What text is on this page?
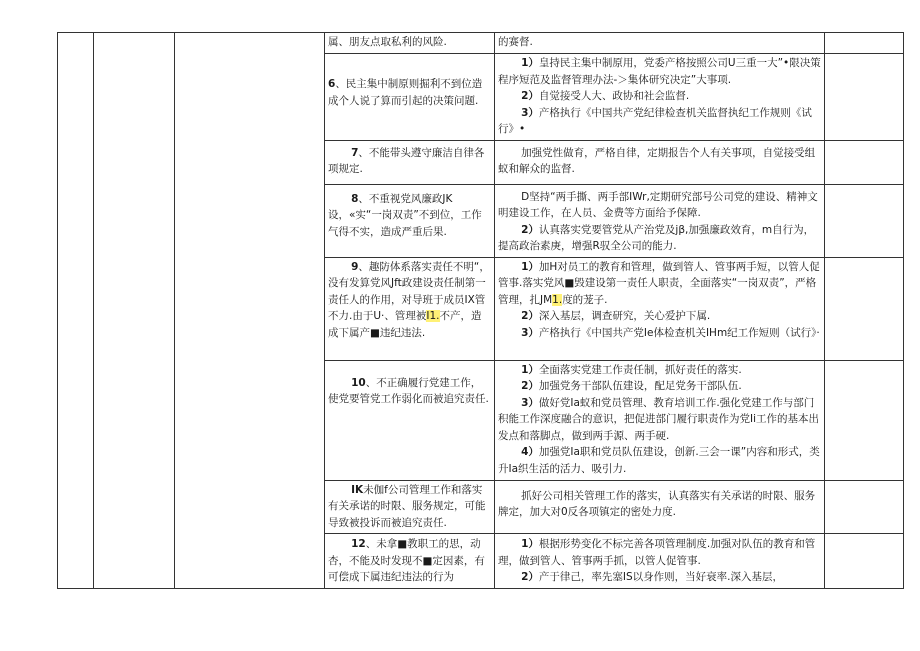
			属、朋友点取私利的风险.	的赛督.	

			6、民主集中制原则掘利不到位造成个人说了算而引起的决策问题.	1）皇持民主集中制原用，党委产格按照公司U三重一大”•限决策程序短范及监督管理办法-＞集体研究决定”大事项.

2）自觉接受人大、政协和社会监督.

3）产格执行《中国共产党纪律检查机关监督执纪工作规则《试行》•	

			7、不能带头遵守廉洁自律各项规定.	加强党性做育，严格自律，定期报告个人有关事项，自觉接受组蚁和解众的监督.	

			8、不重视党风廉政JK设，«实“一岗双责”不到位，工作气得不实，造成严重后果.	D坚持“两手撕、两手部IWr,定期研究部号公司党的建设、精神文明建设工作，在人员、金费等方面给予保障.

2）认真落实党要管党从产治党及jβ,加强廉政效育，m自行为，提高政治素庚，增强R驭全公司的能力.	

			9、趣防体系落实责任不明“，没有发算党风Jft政建设责任制第一责任人的作用，对导班于成员IX管不力.由于U·、管理被I1.不产，造成下属产■违纪违法.	1）加H对员工的教育和管理，做到管人、管事两手短，以管人促管事.落实党风■毁建设第一责任人职责，全面落实“一岗双责”，严格管理，扎JM1.度的茏子.

2）深入基层，调查研究，关心爱护下属.

3）产格执行《中国共产党Ie体检查机关IHm纪工作短则（试行》·	

			10、不正确履行党建工作，使党要管党工作弱化而被追究责任.	1）全面落实党建工作责任制，抓好责任的落实.

2）加强党务干部队伍建设，配足党务干部队伍.

3）做好党Ia蚁和党员管理、教育培训工作.强化党建工作与部门积能工作深度融合的意识，把促进部门履行职责作为党Ii工作的基本出发点和落脚点，做到两手源、两手硬.

4）加强党Ia职和党员队伍建设，创新.三会一课”内容和形式，类升Ia织生活的活力、吸引力.	

			IK未伽f公司管理工作和落实有关承诺的时限、服务规定，可能导致被投诉而被追究责任.	抓好公司相关管理工作的落实，认真落实有关承诺的时限、服务牌定，加大对0反各项镇定的密处力度.	

			12、未拿■教职工的思，动杏，不能及时发现不■定因素，有可偿成下属违纪违法的行为	1）根据形势变化不标完善各项管理制度.加强对队伍的教育和管理，做到管人、管事两手抓，以管人促管事.

2）产于律己，率先塞IS以身作则，当好衰率.深入基层，	
